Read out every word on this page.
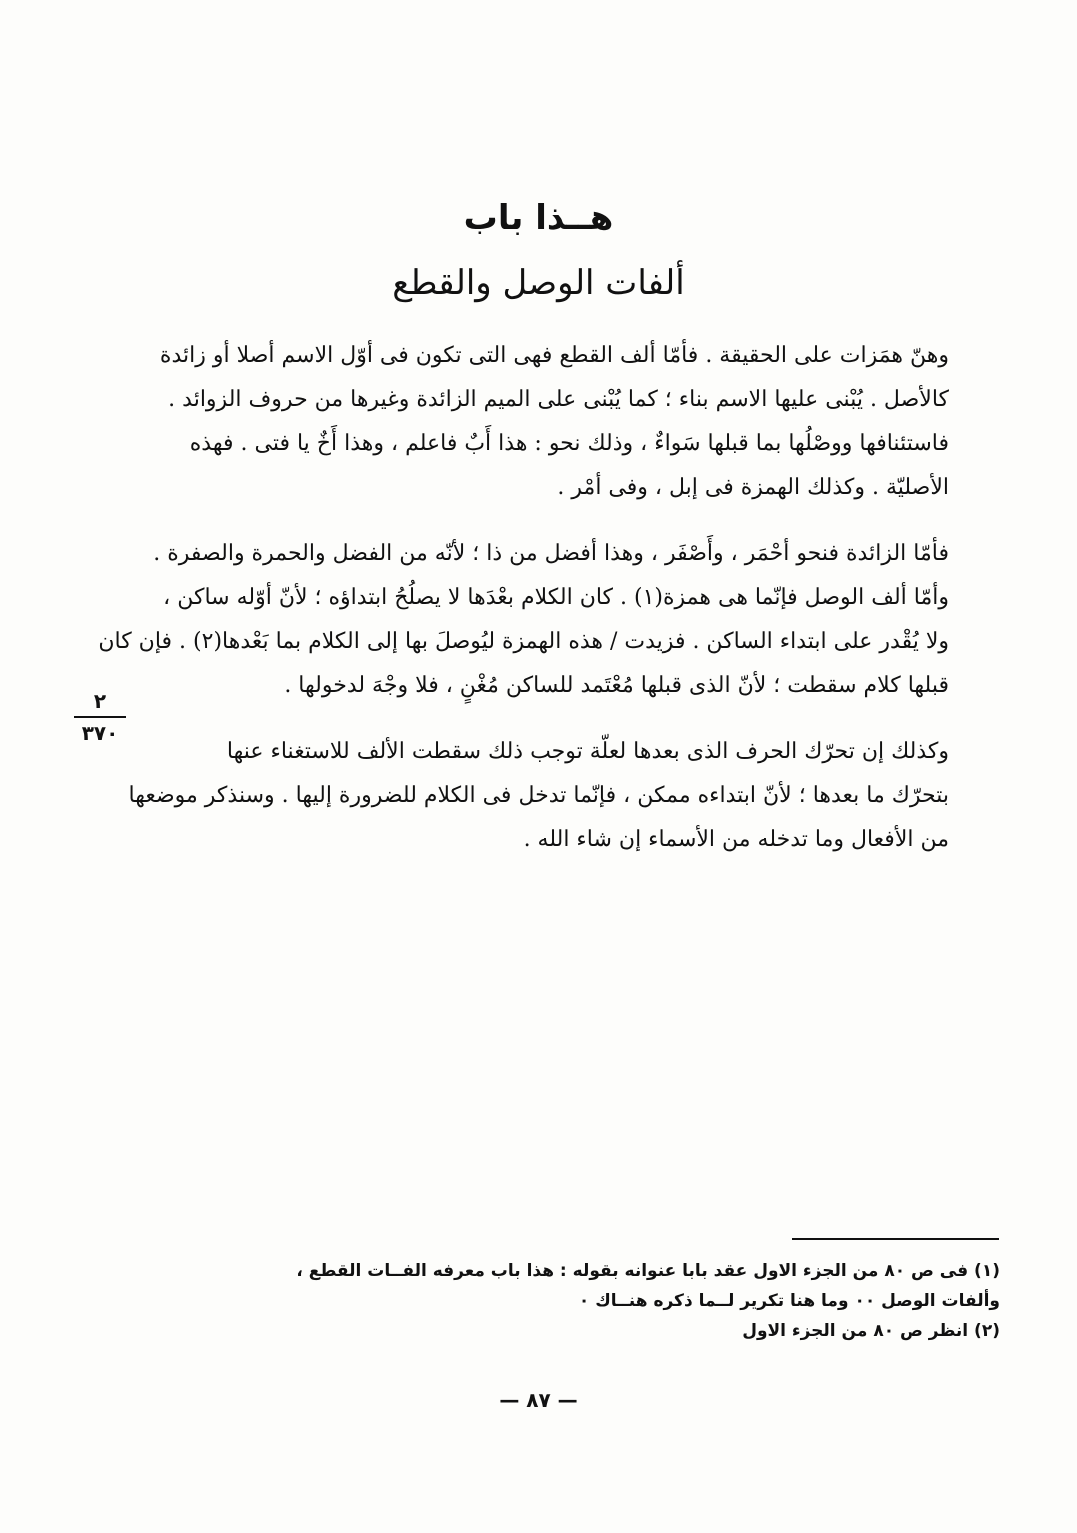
هــذا باب
ألفات الوصل والقطع
وهنّ همَزات على الحقيقة . فأمّا ألف القطع فهى التى تكون فى أوّل الاسم أصلا أو زائدة
كالأصل . يُبْنى عليها الاسم بناء ؛ كما يُبْنى على الميم الزائدة وغيرها من حروف الزوائد .
فاستئنافها ووصْلُها بما قبلها سَواءٌ ، وذلك نحو : هذا أَبٌ فاعلم ، وهذا أَخٌ يا فتى . فهذه
الأصليّة . وكذلك الهمزة فى إبل ، وفى أمْر .
فأمّا الزائدة فنحو أحْمَر ، وأَصْفَر ، وهذا أفضل من ذا ؛ لأنّه من الفضل والحمرة والصفرة .
وأمّا ألف الوصل فإنّما هى همزة(١) . كان الكلام بعْدَها لا يصلُحُ ابتداؤه ؛ لأنّ أوّله ساكن ،
ولا يُقْدر على ابتداء الساكن . فزيدت / هذه الهمزة ليُوصلَ بها إلى الكلام بما بَعْدها(٢) . فإن كان
قبلها كلام سقطت ؛ لأنّ الذى قبلها مُعْتَمد للساكن مُغْنٍ ، فلا وجْهَ لدخولها .
وكذلك إن تحرّك الحرف الذى بعدها لعلّة توجب ذلك سقطت الألف للاستغناء عنها
بتحرّك ما بعدها ؛ لأنّ ابتداءه ممكن ، فإنّما تدخل فى الكلام للضرورة إليها . وسنذكر موضعها
من الأفعال وما تدخله من الأسماء إن شاء الله .
٢
٣٧٠
(١) فى ص ٨٠ من الجزء الاول عقد بابا عنوانه بقوله : هذا باب معرفه الفــات القطع ،
وألفات الوصل ٠٠ وما هنا تكرير لــما ذكره هنــاك ٠
(٢) انظر ص ٨٠ من الجزء الاول
— ٨٧ —
